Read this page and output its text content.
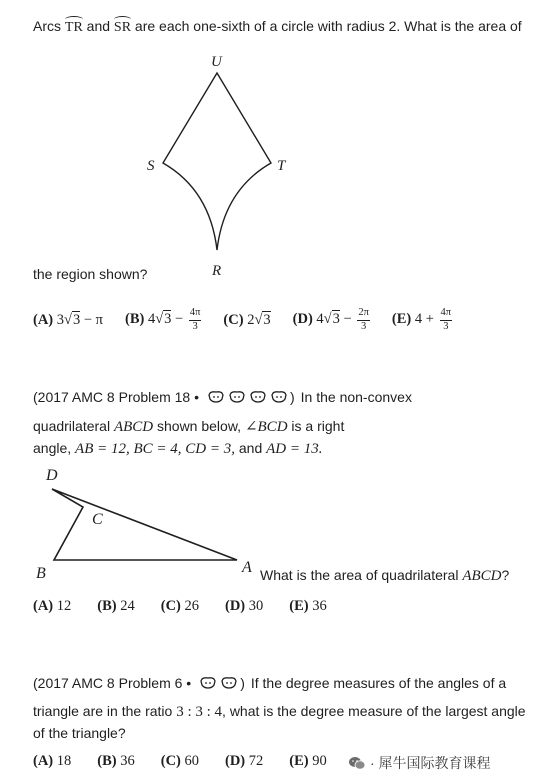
Arcs TR and SR are each one-sixth of a circle with radius 2. What is the area of
U
S	T
R
the region shown?
(A) 3√3 − π (B) $4√3 - \frac{4\pi}{3} (C)$ 2√3 (D) $4√3 - \frac{2\pi}{3} (E) 4 + \frac{4\pi}{3}$
(2017 AMC 8 Problem 18 •	) In the non-convex
quadrilateral ABCD shown below, ∠BCD is a right
angle, AB = 12, BC = 4, CD = 3, and AD = 13.
D
C
B	A What is the area of quadrilateral ABCD?
(A) 12 (B) 24 (C) 26 (D) 30 (E) 36
(2017 AMC 8 Problem 6 •	) If the degree measures of the angles of a
triangle are in the ratio 3 : 3 : 4, what is the degree measure of the largest angle
of the triangle?
(A) 18 (B) 36 (C) 60 (D) 72 (E) 90	· 犀牛国际教育课程
